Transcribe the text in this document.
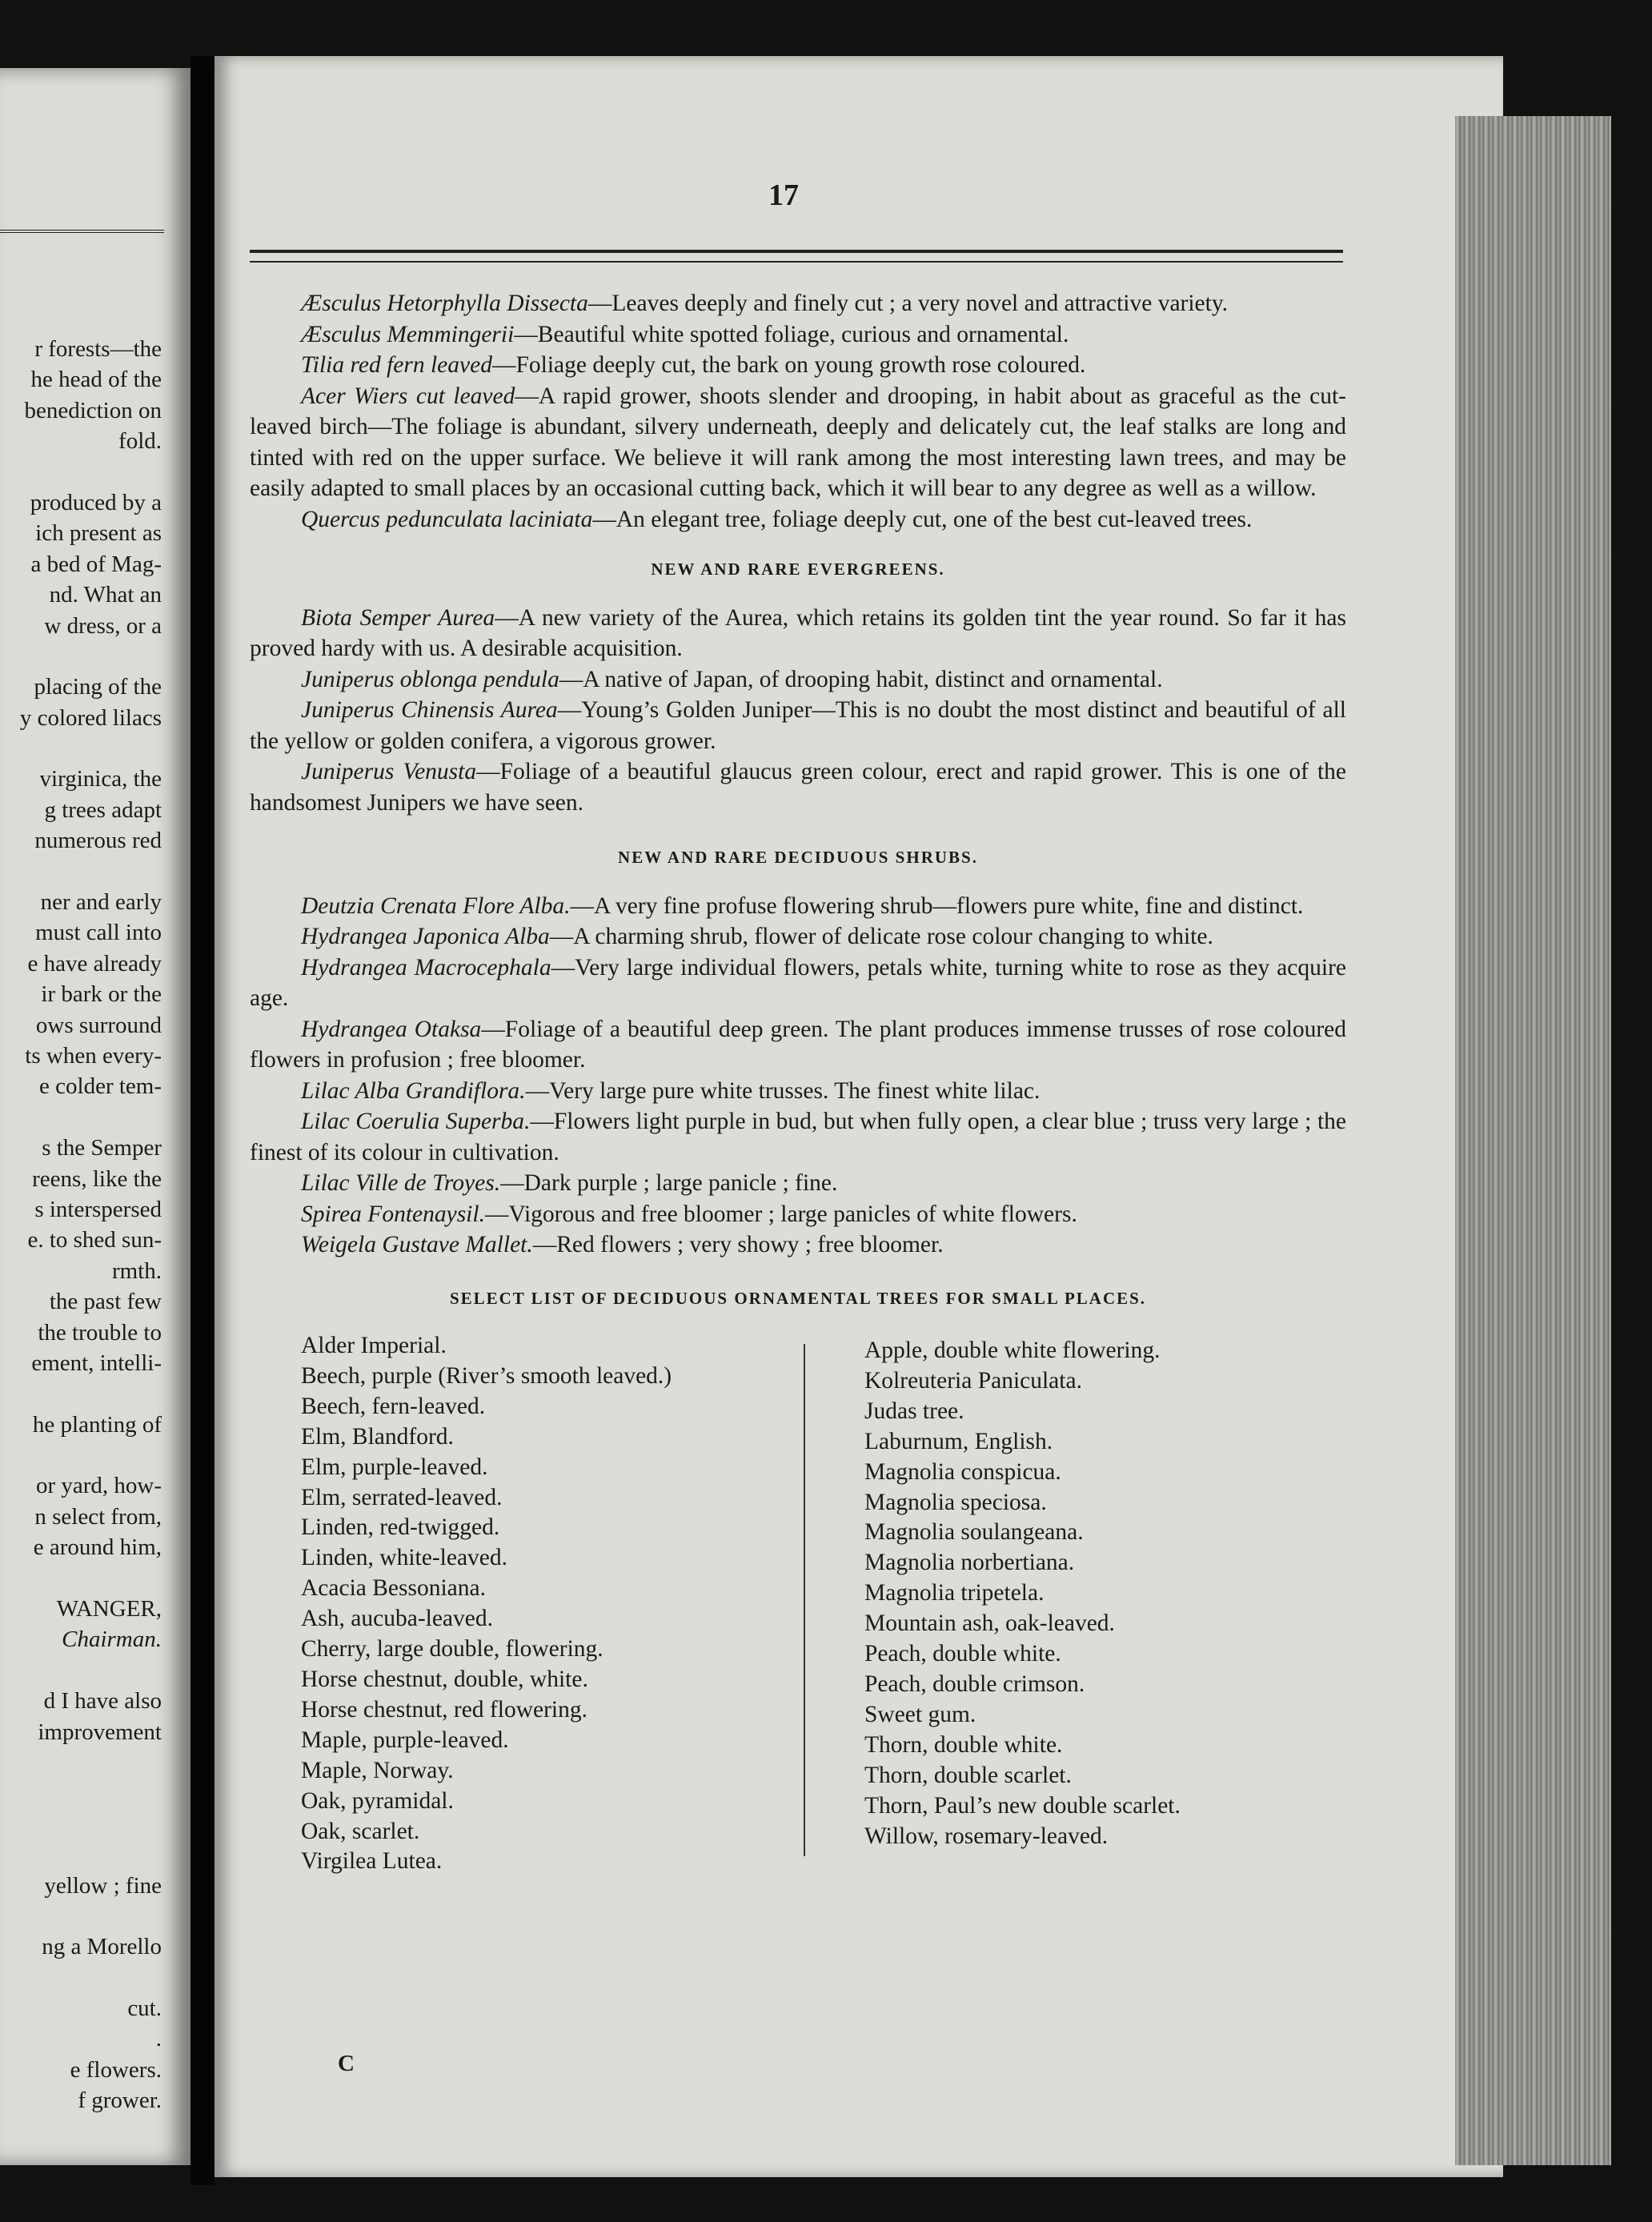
r forests—the
he head of the
benediction on
fold.
produced by a
ich present as
a bed of Mag-
nd. What an
w dress, or a
placing of the
y colored lilacs
virginica, the
g trees adapt
numerous red
ner and early
must call into
e have already
ir bark or the
ows surround
ts when every-
e colder tem-
s the Semper
reens, like the
s interspersed
e. to shed sun-
rmth.
the past few
the trouble to
ement, intelli-
he planting of
or yard, how-
n select from,
e around him,
WANGER,
Chairman.
d I have also
improvement
yellow ; fine
ng a Morello
cut.
.
e flowers.
f grower.
17

Æsculus Hetorphylla Dissecta—Leaves deeply and finely cut ; a very novel and attractive variety.

Æsculus Memmingerii—Beautiful white spotted foliage, curious and ornamental.

Tilia red fern leaved—Foliage deeply cut, the bark on young growth rose coloured.

Acer Wiers cut leaved—A rapid grower, shoots slender and drooping, in habit about as graceful as the cut-leaved birch—The foliage is abundant, silvery underneath, deeply and delicately cut, the leaf stalks are long and tinted with red on the upper surface. We believe it will rank among the most interesting lawn trees, and may be easily adapted to small places by an occasional cutting back, which it will bear to any degree as well as a willow.

Quercus pedunculata laciniata—An elegant tree, foliage deeply cut, one of the best cut-leaved trees.

NEW AND RARE EVERGREENS.

Biota Semper Aurea—A new variety of the Aurea, which retains its golden tint the year round. So far it has proved hardy with us. A desirable acquisition.

Juniperus oblonga pendula—A native of Japan, of drooping habit, distinct and ornamental.

Juniperus Chinensis Aurea—Young’s Golden Juniper—This is no doubt the most distinct and beautiful of all the yellow or golden conifera, a vigorous grower.

Juniperus Venusta—Foliage of a beautiful glaucus green colour, erect and rapid grower. This is one of the handsomest Junipers we have seen.

NEW AND RARE DECIDUOUS SHRUBS.

Deutzia Crenata Flore Alba.—A very fine profuse flowering shrub—flowers pure white, fine and distinct.

Hydrangea Japonica Alba—A charming shrub, flower of delicate rose colour changing to white.

Hydrangea Macrocephala—Very large individual flowers, petals white, turning white to rose as they acquire age.

Hydrangea Otaksa—Foliage of a beautiful deep green. The plant produces immense trusses of rose coloured flowers in profusion ; free bloomer.

Lilac Alba Grandiflora.—Very large pure white trusses. The finest white lilac.

Lilac Coerulia Superba.—Flowers light purple in bud, but when fully open, a clear blue ; truss very large ; the finest of its colour in cultivation.

Lilac Ville de Troyes.—Dark purple ; large panicle ; fine.

Spirea Fontenaysil.—Vigorous and free bloomer ; large panicles of white flowers.

Weigela Gustave Mallet.—Red flowers ; very showy ; free bloomer.

SELECT LIST OF DECIDUOUS ORNAMENTAL TREES FOR SMALL PLACES.
Alder Imperial.
Beech, purple (River’s smooth leaved.)
Beech, fern-leaved.
Elm, Blandford.
Elm, purple-leaved.
Elm, serrated-leaved.
Linden, red-twigged.
Linden, white-leaved.
Acacia Bessoniana.
Ash, aucuba-leaved.
Cherry, large double, flowering.
Horse chestnut, double, white.
Horse chestnut, red flowering.
Maple, purple-leaved.
Maple, Norway.
Oak, pyramidal.
Oak, scarlet.
Virgilea Lutea.
Apple, double white flowering.
Kolreuteria Paniculata.
Judas tree.
Laburnum, English.
Magnolia conspicua.
Magnolia speciosa.
Magnolia soulangeana.
Magnolia norbertiana.
Magnolia tripetela.
Mountain ash, oak-leaved.
Peach, double white.
Peach, double crimson.
Sweet gum.
Thorn, double white.
Thorn, double scarlet.
Thorn, Paul’s new double scarlet.
Willow, rosemary-leaved.
C
